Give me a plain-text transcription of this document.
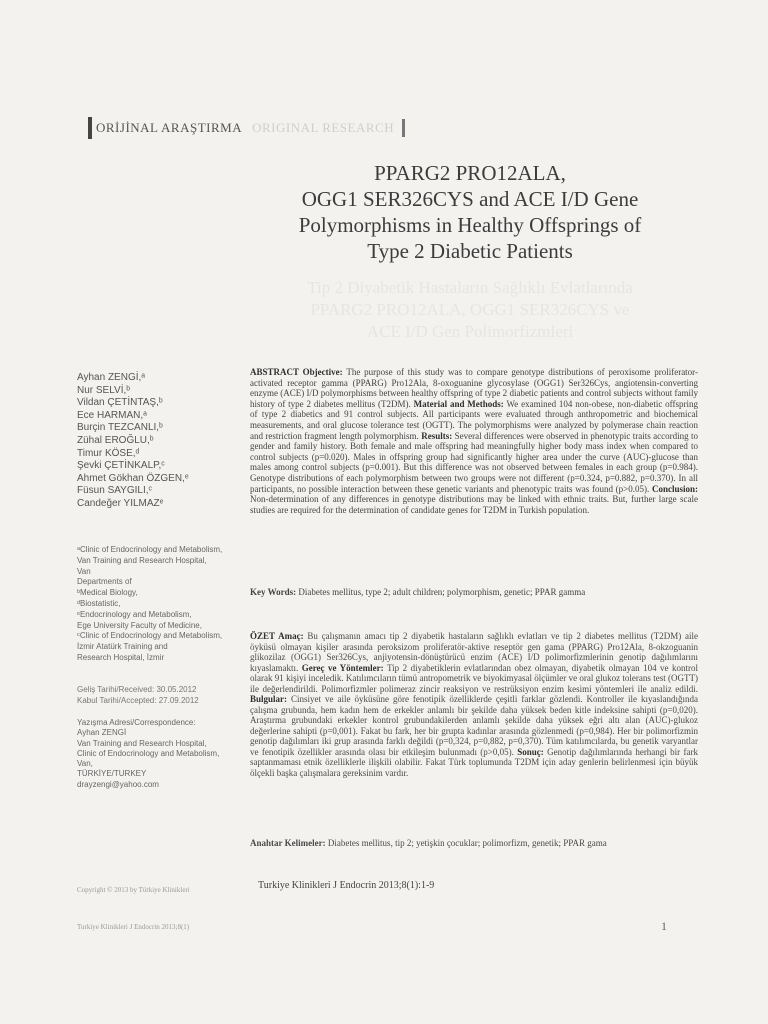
ORİJİNAL ARAŞTIRMA ORIGINAL RESEARCH
PPARG2 PRO12ALA,
OGG1 SER326CYS and ACE I/D Gene
Polymorphisms in Healthy Offsprings of
Type 2 Diabetic Patients
Tip 2 Diyabetik Hastaların Sağlıklı Evlatlarında
PPARG2 PRO12ALA, OGG1 SER326CYS ve
ACE I/D Gen Polimorfizmleri
Ayhan ZENGİ,ᵃ
Nur SELVİ,ᵇ
Vildan ÇETİNTAŞ,ᵇ
Ece HARMAN,ᵃ
Burçin TEZCANLI,ᵇ
Zühal EROĞLU,ᵇ
Timur KÖSE,ᵈ
Şevki ÇETİNKALP,ᶜ
Ahmet Gökhan ÖZGEN,ᵉ
Füsun SAYGILI,ᶜ
Candeğer YILMAZᵉ
ᵃClinic of Endocrinology and Metabolism,
Van Training and Research Hospital,
Van
Departments of
ᵇMedical Biology,
ᵈBiostatistic,
ᵉEndocrinology and Metabolism,
Ege University Faculty of Medicine,
ᶜClinic of Endocrinology and Metabolism,
İzmir Atatürk Training and
Research Hospital, İzmir
Geliş Tarihi/Received: 30.05.2012
Kabul Tarihi/Accepted: 27.09.2012
Yazışma Adresi/Correspondence:
Ayhan ZENGİ
Van Training and Research Hospital,
Clinic of Endocrinology and Metabolism,
Van,
TÜRKİYE/TURKEY
drayzengi@yahoo.com
ABSTRACT Objective: The purpose of this study was to compare genotype distributions of peroxisome proliferator-activated receptor gamma (PPARG) Pro12Ala, 8-oxoguanine glycosylase (OGG1) Ser326Cys, angiotensin-converting enzyme (ACE) I/D polymorphisms between healthy offspring of type 2 diabetic patients and control subjects without family history of type 2 diabetes mellitus (T2DM). Material and Methods: We examined 104 non-obese, non-diabetic offspring of type 2 diabetics and 91 control subjects. All participants were evaluated through anthropometric and biochemical measurements, and oral glucose tolerance test (OGTT). The polymorphisms were analyzed by polymerase chain reaction and restriction fragment length polymorphism. Results: Several differences were observed in phenotypic traits according to gender and family history. Both female and male offspring had meaningfully higher body mass index when compared to control subjects (p=0.020). Males in offspring group had significantly higher area under the curve (AUC)-glucose than males among control subjects (p=0.001). But this difference was not observed between females in each group (p=0.984). Genotype distributions of each polymorphism between two groups were not different (p=0.324, p=0.882, p=0.370). In all participants, no possible interaction between these genetic variants and phenotypic traits was found (p>0.05). Conclusion: Non-determination of any differences in genotype distributions may be linked with ethnic traits. But, further large scale studies are required for the determination of candidate genes for T2DM in Turkish population.
Key Words: Diabetes mellitus, type 2; adult children; polymorphism, genetic; PPAR gamma
ÖZET Amaç: Bu çalışmanın amacı tip 2 diyabetik hastaların sağlıklı evlatları ve tip 2 diabetes mellitus (T2DM) aile öyküsü olmayan kişiler arasında peroksizom proliferatör-aktive reseptör gen gama (PPARG) Pro12Ala, 8-okzoguanin glikozilaz (OGG1) Ser326Cys, anjiyotensin-dönüştürücü enzim (ACE) I/D polimorfizmlerinin genotip dağılımlarını kıyaslamaktı. Gereç ve Yöntemler: Tip 2 diyabetiklerin evlatlarından obez olmayan, diyabetik olmayan 104 ve kontrol olarak 91 kişiyi inceledik. Katılımcıların tümü antropometrik ve biyokimyasal ölçümler ve oral glukoz tolerans test (OGTT) ile değerlendirildi. Polimorfizmler polimeraz zincir reaksiyon ve restrüksiyon enzim kesimi yöntemleri ile analiz edildi. Bulgular: Cinsiyet ve aile öyküsüne göre fenotipik özelliklerde çeşitli farklar gözlendi. Kontroller ile kıyaslandığında çalışma grubunda, hem kadın hem de erkekler anlamlı bir şekilde daha yüksek beden kitle indeksine sahipti (p=0,020). Araştırma grubundaki erkekler kontrol grubundakilerden anlamlı şekilde daha yüksek eğri altı alan (AUC)-glukoz değerlerine sahipti (p=0,001). Fakat bu fark, her bir grupta kadınlar arasında gözlenmedi (p=0,984). Her bir polimorfizmin genotip dağılımları iki grup arasında farklı değildi (p=0,324, p=0,882, p=0,370). Tüm katılımcılarda, bu genetik varyantlar ve fenotipik özellikler arasında olası bir etkileşim bulunmadı (p>0,05). Sonuç: Genotip dağılımlarında herhangi bir fark saptanmaması etnik özelliklerle ilişkili olabilir. Fakat Türk toplumunda T2DM için aday genlerin belirlenmesi için büyük ölçekli başka çalışmalara gereksinim vardır.
Anahtar Kelimeler: Diabetes mellitus, tip 2; yetişkin çocuklar; polimorfizm, genetik; PPAR gama
Turkiye Klinikleri J Endocrin 2013;8(1):1-9
Copyright © 2013 by Türkiye Klinikleri
Turkiye Klinikleri J Endocrin 2013;8(1)	1
